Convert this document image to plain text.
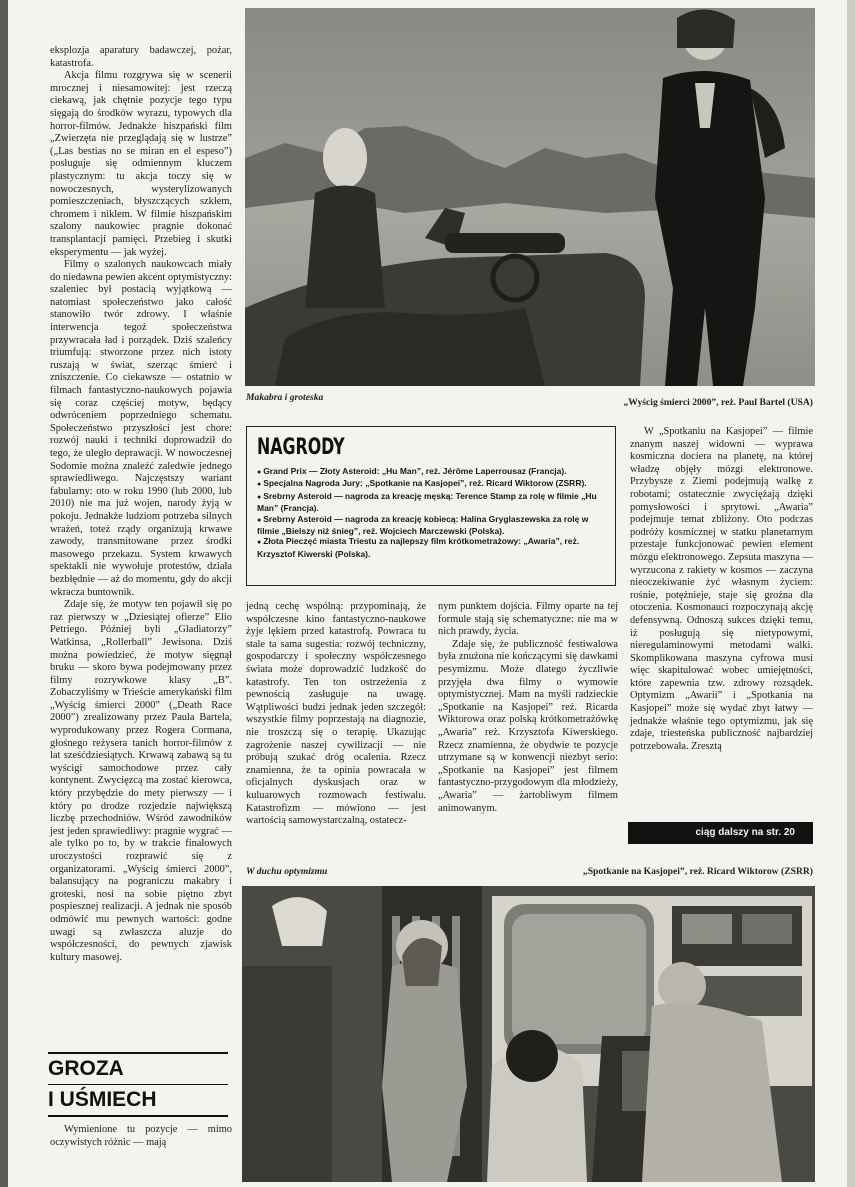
Makabra i groteska	„Wyścig śmierci 2000”, reż. Paul Bartel (USA)

eksplozja aparatury badawczej, pożar, katastrofa.

Akcja filmu rozgrywa się w scenerii mrocznej i niesamowitej: jest rzeczą ciekawą, jak chętnie pozycje tego typu sięgają do środków wyrazu, typowych dla horror-filmów. Jednakże hiszpański film „Zwierzęta nie przeglądają się w lustrze” („Las bestias no se miran en el espeso”) posługuje się odmiennym kluczem plastycznym: tu akcja toczy się w nowoczesnych, wysterylizowanych pomieszczeniach, błyszczących szkłem, chromem i niklem. W filmie hiszpańskim szalony naukowiec pragnie dokonać transplantacji pamięci. Przebieg i skutki eksperymentu — jak wyżej.

Filmy o szalonych naukowcach miały do niedawna pewien akcent optymistyczny: szaleniec był postacią wyjątkową — natomiast społeczeństwo jako całość stanowiło twór zdrowy. I właśnie interwencja tegoż społeczeństwa przywracała ład i porządek. Dziś szaleńcy triumfują: stworzone przez nich istoty ruszają w świat, szerząc śmierć i zniszczenie. Co ciekawsze — ostatnio w filmach fantastyczno-naukowych pojawia się coraz częściej motyw, będący odwróceniem poprzedniego schematu. Społeczeństwo przyszłości jest chore: rozwój nauki i techniki doprowadził do tego, że uległo deprawacji. W nowoczesnej Sodomie można znaleźć zaledwie jednego sprawiedliwego. Najczęstszy wariant fabularny: oto w roku 1990 (lub 2000, lub 2010) nie ma już wojen, narody żyją w pokoju. Jednakże ludziom potrzeba silnych wrażeń, toteż rządy organizują krwawe zawody, transmitowane przez środki masowego przekazu. System krwawych spektakli nie wywołuje protestów, działa bezbłędnie — aż do momentu, gdy do akcji wkracza buntownik.

Zdaje się, że motyw ten pojawił się po raz pierwszy w „Dziesiątej ofierze” Elio Petriego. Później byli „Gladiatorzy” Watkinsa, „Rollerball” Jewisona. Dziś można powiedzieć, że motyw sięgnął bruku — skoro bywa podejmowany przez filmy rozrywkowe klasy „B”. Zobaczyliśmy w Trieście amerykański film „Wyścig śmierci 2000” („Death Race 2000”) zrealizowany przez Paula Bartela, wyprodukowany przez Rogera Cormana, głośnego reżysera tanich horror-filmów z lat sześćdziesiątych. Krwawą zabawą są tu wyścigi samochodowe przez cały kontynent. Zwycięzcą ma zostać kierowca, który przybędzie do mety pierwszy — i który po drodze rozjedzie największą liczbę przechodniów. Wśród zawodników jest jeden sprawiedliwy: pragnie wygrać — ale tylko po to, by w trakcie finałowych uroczystości rozprawić się z organizatorami. „Wyścig śmierci 2000”, balansujący na pograniczu makabry i groteski, nosi na sobie piętno zbyt pospiesznej realizacji. A jednak nie sposób odmówić mu pewnych wartości: godne uwagi są zwłaszcza aluzje do współczesności, do pewnych zjawisk kultury masowej.

GROZA
I UŚMIECH

Wymienione tu pozycje — mimo oczywistych różnic — mają

NAGRODY
● Grand Prix — Złoty Asteroid: „Hu Man”, reż. Jérôme Laperrousaz (Francja).
● Specjalna Nagroda Jury: „Spotkanie na Kasjopei”, reż. Ricard Wiktorow (ZSRR).
● Srebrny Asteroid — nagroda za kreację męską: Terence Stamp za rolę w filmie „Hu Man” (Francja).
● Srebrny Asteroid — nagroda za kreację kobiecą: Halina Gryglaszewska za rolę w filmie „Bielszy niż śnieg”, reż. Wojciech Marczewski (Polska).
● Złota Pieczęć miasta Triestu za najlepszy film krótkometrażowy: „Awaria”, reż. Krzysztof Kiwerski (Polska).

jedną cechę wspólną: przypominają, że współczesne kino fantastyczno-naukowe żyje lękiem przed katastrofą. Powraca tu stale ta sama sugestia: rozwój techniczny, gospodarczy i społeczny współczesnego świata może doprowadzić ludzkość do katastrofy. Ten ton ostrzeżenia z pewnością zasługuje na uwagę. Wątpliwości budzi jednak jeden szczegół: wszystkie filmy poprzestają na diagnozie, nie troszczą się o terapię. Ukazując zagrożenie naszej cywilizacji — nie próbują szukać dróg ocalenia. Rzecz znamienna, że ta opinia powracała w oficjalnych dyskusjach oraz w kuluarowych rozmowach festiwalu. Katastrofizm — mówiono — jest wartością samowystarczalną, ostatecz-

nym punktem dojścia. Filmy oparte na tej formule stają się schematyczne: nie ma w nich prawdy, życia.

Zdaje się, że publiczność festiwalowa była znużona nie kończącymi się dawkami pesymizmu. Może dlatego życzliwie przyjęła dwa filmy o wymowie optymistycznej. Mam na myśli radzieckie „Spotkanie na Kasjopei” reż. Ricarda Wiktorowa oraz polską krótkometrażówkę „Awaria” reż. Krzysztofa Kiwerskiego. Rzecz znamienna, że obydwie te pozycje utrzymane są w konwencji niezbyt serio: „Spotkanie na Kasjopei” jest filmem fantastyczno-przygodowym dla młodzieży, „Awaria” — żartobliwym filmem animowanym.

W „Spotkaniu na Kasjopei” — filmie znanym naszej widowni — wyprawa kosmiczna dociera na planetę, na której władzę objęły mózgi elektronowe. Przybysze z Ziemi podejmują walkę z robotami; ostatecznie zwyciężają dzięki pomysłowości i sprytowi. „Awaria” podejmuje temat zbliżony. Oto podczas podróży kosmicznej w statku planetarnym przestaje funkcjonować pewien element mózgu elektronowego. Zepsuta maszyna — wyrzucona z rakiety w kosmos — zaczyna nieoczekiwanie żyć własnym życiem: rośnie, potężnieje, staje się groźna dla otoczenia. Kosmonauci rozpoczynają akcję defensywną. Odnoszą sukces dzięki temu, iż posługują się nietypowymi, nieregulaminowymi metodami walki. Skomplikowana maszyna cyfrowa musi więc skapitulować wobec umiejętności, które zapewnia tzw. zdrowy rozsądek. Optymizm „Awarii” i „Spotkania na Kasjopei” może się wydać zbyt łatwy — jednakże właśnie tego optymizmu, jak się zdaje, triesteńska publiczność najbardziej potrzebowała. Zresztą

ciąg dalszy na str. 20
W duchu optymizmu	„Spotkanie na Kasjopei”, reż. Ricard Wiktorow (ZSRR)
